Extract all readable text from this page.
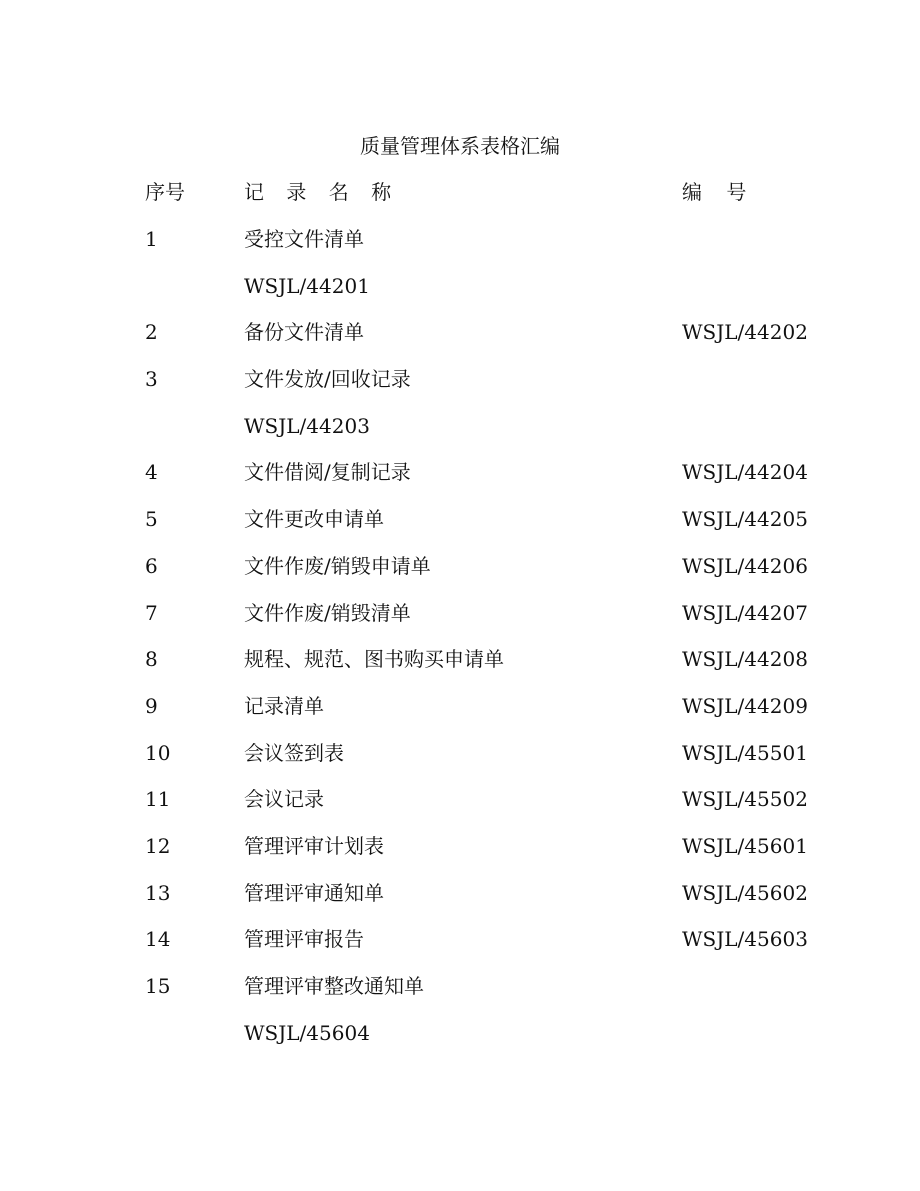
质量管理体系表格汇编
序号	记 录 名 称	编 号
1	受控文件清单
WSJL/44201
2	备份文件清单	WSJL/44202
3	文件发放/回收记录
WSJL/44203
4	文件借阅/复制记录	WSJL/44204
5	文件更改申请单	WSJL/44205
6	文件作废/销毁申请单	WSJL/44206
7	文件作废/销毁清单	WSJL/44207
8	规程、规范、图书购买申请单	WSJL/44208
9	记录清单	WSJL/44209
10	会议签到表	WSJL/45501
11	会议记录	WSJL/45502
12	管理评审计划表	WSJL/45601
13	管理评审通知单	WSJL/45602
14	管理评审报告	WSJL/45603
15	管理评审整改通知单
WSJL/45604
